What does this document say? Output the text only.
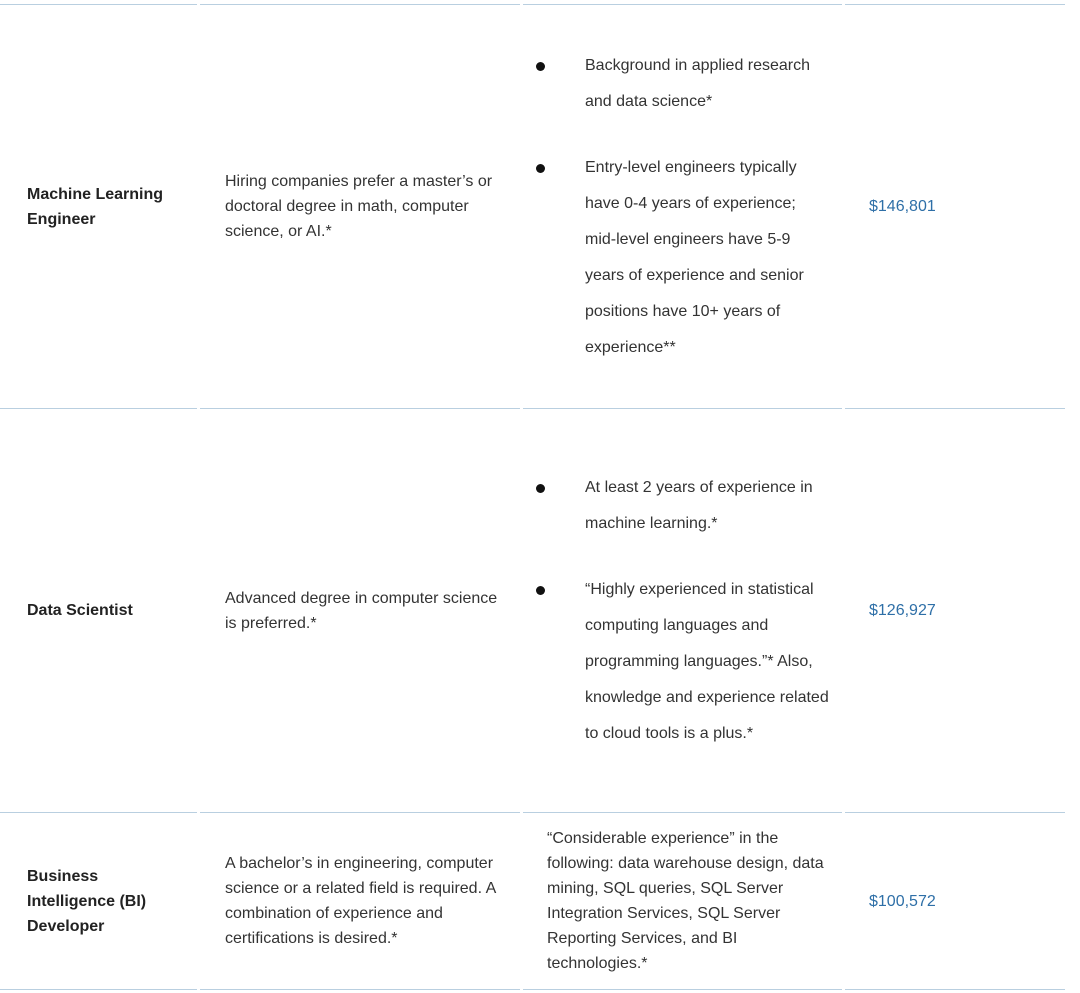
Machine Learning Engineer
Hiring companies prefer a master’s or doctoral degree in math, computer science, or AI.*
Background in applied research and data science*
Entry-level engineers typically have 0-4 years of experience; mid-level engineers have 5-9 years of experience and senior positions have 10+ years of experience**
$146,801
Data Scientist
Advanced degree in computer science is preferred.*
At least 2 years of experience in machine learning.*
“Highly experienced in statistical computing languages and programming languages.”* Also, knowledge and experience related to cloud tools is a plus.*
$126,927
Business Intelligence (BI) Developer
A bachelor’s in engineering, computer science or a related field is required. A combination of experience and certifications is desired.*
“Considerable experience” in the following: data warehouse design, data mining, SQL queries, SQL Server Integration Services, SQL Server Reporting Services, and BI technologies.*
$100,572
